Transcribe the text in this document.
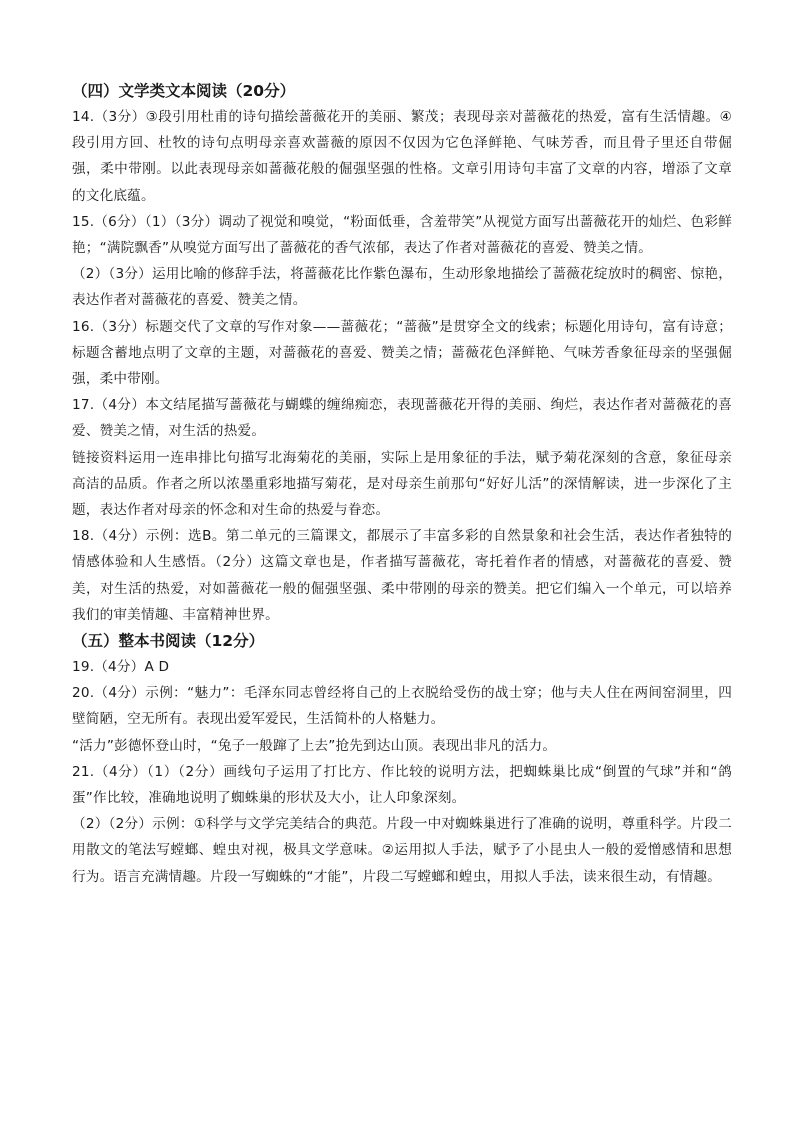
（四）文学类文本阅读（20分）

14.（3分）③段引用杜甫的诗句描绘蔷薇花开的美丽、繁茂；表现母亲对蔷薇花的热爱，富有生活情趣。④段引用方回、杜牧的诗句点明母亲喜欢蔷薇的原因不仅因为它色泽鲜艳、气味芳香，而且骨子里还自带倔强，柔中带刚。以此表现母亲如蔷薇花般的倔强坚强的性格。文章引用诗句丰富了文章的内容，增添了文章的文化底蕴。

15.（6分）（1）（3分）调动了视觉和嗅觉，“粉面低垂，含羞带笑”从视觉方面写出蔷薇花开的灿烂、色彩鲜艳；“满院飘香”从嗅觉方面写出了蔷薇花的香气浓郁，表达了作者对蔷薇花的喜爱、赞美之情。

（2）（3分）运用比喻的修辞手法，将蔷薇花比作紫色瀑布，生动形象地描绘了蔷薇花绽放时的稠密、惊艳，表达作者对蔷薇花的喜爱、赞美之情。

16.（3分）标题交代了文章的写作对象——蔷薇花；“蔷薇”是贯穿全文的线索；标题化用诗句，富有诗意；标题含蓄地点明了文章的主题，对蔷薇花的喜爱、赞美之情；蔷薇花色泽鲜艳、气味芳香象征母亲的坚强倔强，柔中带刚。

17.（4分）本文结尾描写蔷薇花与蝴蝶的缠绵痴恋，表现蔷薇花开得的美丽、绚烂，表达作者对蔷薇花的喜爱、赞美之情，对生活的热爱。

链接资料运用一连串排比句描写北海菊花的美丽，实际上是用象征的手法，赋予菊花深刻的含意，象征母亲高洁的品质。作者之所以浓墨重彩地描写菊花，是对母亲生前那句“好好儿活”的深情解读，进一步深化了主题，表达作者对母亲的怀念和对生命的热爱与眷恋。

18.（4分）示例：选B。第二单元的三篇课文，都展示了丰富多彩的自然景象和社会生活，表达作者独特的情感体验和人生感悟。（2分）这篇文章也是，作者描写蔷薇花，寄托着作者的情感，对蔷薇花的喜爱、赞美，对生活的热爱，对如蔷薇花一般的倔强坚强、柔中带刚的母亲的赞美。把它们编入一个单元，可以培养我们的审美情趣、丰富精神世界。

（五）整本书阅读（12分）

19.（4分）A D

20.（4分）示例：“魅力”：毛泽东同志曾经将自己的上衣脱给受伤的战士穿；他与夫人住在两间窑洞里，四壁简陋，空无所有。表现出爱军爱民，生活简朴的人格魅力。

“活力”彭德怀登山时，“兔子一般蹿了上去”抢先到达山顶。表现出非凡的活力。

21.（4分）（1）（2分）画线句子运用了打比方、作比较的说明方法，把蜘蛛巢比成“倒置的气球”并和“鸽蛋”作比较，准确地说明了蜘蛛巢的形状及大小，让人印象深刻。

（2）（2分）示例：①科学与文学完美结合的典范。片段一中对蜘蛛巢进行了准确的说明，尊重科学。片段二用散文的笔法写螳螂、蝗虫对视，极具文学意味。②运用拟人手法，赋予了小昆虫人一般的爱憎感情和思想行为。语言充满情趣。片段一写蜘蛛的“才能”，片段二写螳螂和蝗虫，用拟人手法，读来很生动，有情趣。
